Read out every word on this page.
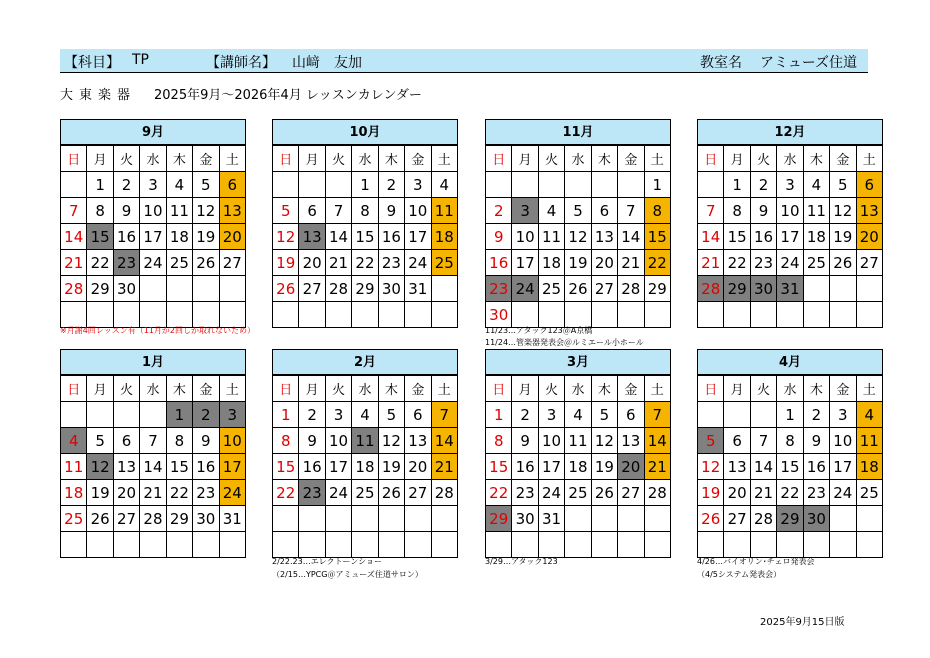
【科目】 TP	【講師名】 山﨑　友加	教室名 アミューズ住道
大東楽器 2025年9月～2026年4月 レッスンカレンダー
9月
日	月	火	水	木	金	土
	1	2	3	4	5	6
7	8	9	10	11	12	13
14	15	16	17	18	19	20
21	22	23	24	25	26	27
28	29	30				

10月
日	月	火	水	木	金	土
			1	2	3	4
5	6	7	8	9	10	11
12	13	14	15	16	17	18
19	20	21	22	23	24	25
26	27	28	29	30	31	

11月
日	月	火	水	木	金	土
						1
2	3	4	5	6	7	8
9	10	11	12	13	14	15
16	17	18	19	20	21	22
23	24	25	26	27	28	29
30						
12月
日	月	火	水	木	金	土
	1	2	3	4	5	6
7	8	9	10	11	12	13
14	15	16	17	18	19	20
21	22	23	24	25	26	27
28	29	30	31			

1月
日	月	火	水	木	金	土
				1	2	3
4	5	6	7	8	9	10
11	12	13	14	15	16	17
18	19	20	21	22	23	24
25	26	27	28	29	30	31

2月
日	月	火	水	木	金	土
1	2	3	4	5	6	7
8	9	10	11	12	13	14
15	16	17	18	19	20	21
22	23	24	25	26	27	28

3月
日	月	火	水	木	金	土
1	2	3	4	5	6	7
8	9	10	11	12	13	14
15	16	17	18	19	20	21
22	23	24	25	26	27	28
29	30	31				

4月
日	月	火	水	木	金	土
			1	2	3	4
5	6	7	8	9	10	11
12	13	14	15	16	17	18
19	20	21	22	23	24	25
26	27	28	29	30		

※月謝4回レッスン有（11月が2回しか取れないため）	11/23…アタック123＠A京橋
11/24…管楽器発表会＠ルミエール小ホール
2/22.23…エレクトーンショー
（2/15…YPCG＠アミューズ住道サロン）
3/29…アタック123	4/26…バイオリン･チェロ発表会
（4/5システム発表会）
2025年9月15日版
